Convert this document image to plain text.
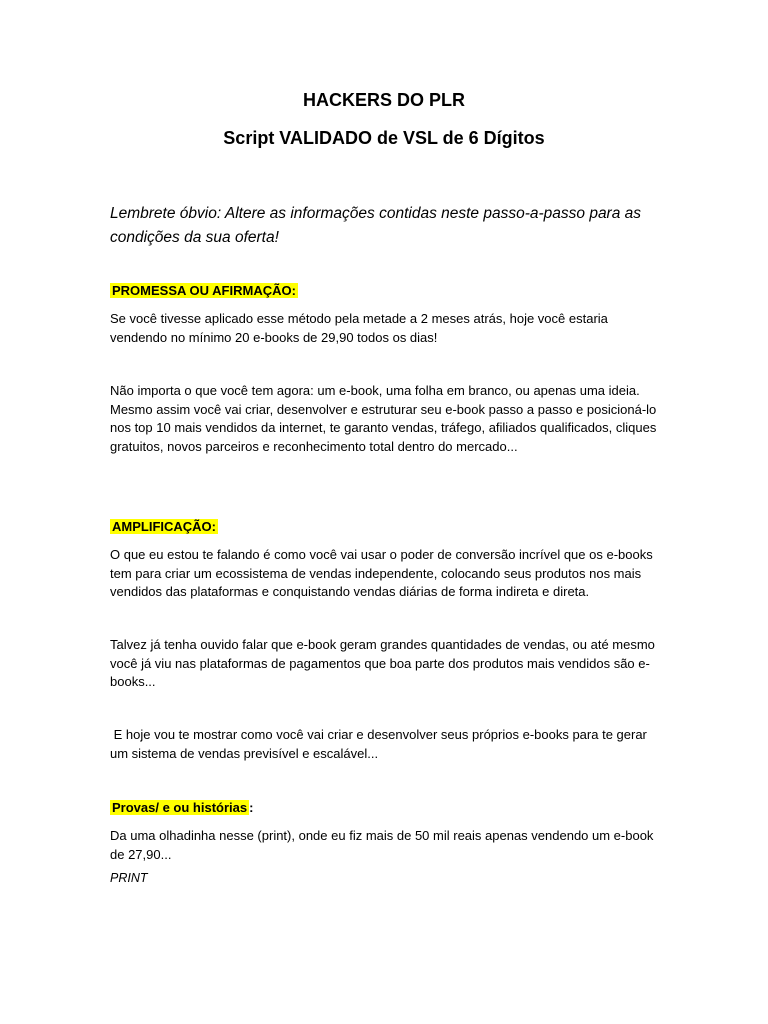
HACKERS DO PLR
Script VALIDADO de VSL de 6 Dígitos
Lembrete óbvio: Altere as informações contidas neste passo-a-passo para as condições da sua oferta!
PROMESSA OU AFIRMAÇÃO:
Se você tivesse aplicado esse método pela metade a 2 meses atrás, hoje você estaria vendendo no mínimo 20 e-books de 29,90 todos os dias!
Não importa o que você tem agora: um e-book, uma folha em branco, ou apenas uma ideia. Mesmo assim você vai criar, desenvolver e estruturar seu e-book passo a passo e posicioná-lo nos top 10 mais vendidos da internet, te garanto vendas, tráfego, afiliados qualificados, cliques gratuitos, novos parceiros e reconhecimento total dentro do mercado...
AMPLIFICAÇÃO:
O que eu estou te falando é como você vai usar o poder de conversão incrível que os e-books tem para criar um ecossistema de vendas independente, colocando seus produtos nos mais vendidos das plataformas e conquistando vendas diárias de forma indireta e direta.
Talvez já tenha ouvido falar que e-book geram grandes quantidades de vendas, ou até mesmo você já viu nas plataformas de pagamentos que boa parte dos produtos mais vendidos são e-books...
E hoje vou te mostrar como você vai criar e desenvolver seus próprios e-books para te gerar um sistema de vendas previsível e escalável...
Provas/ e ou histórias :
Da uma olhadinha nesse (print), onde eu fiz mais de 50 mil reais apenas vendendo um e-book de 27,90...
PRINT
